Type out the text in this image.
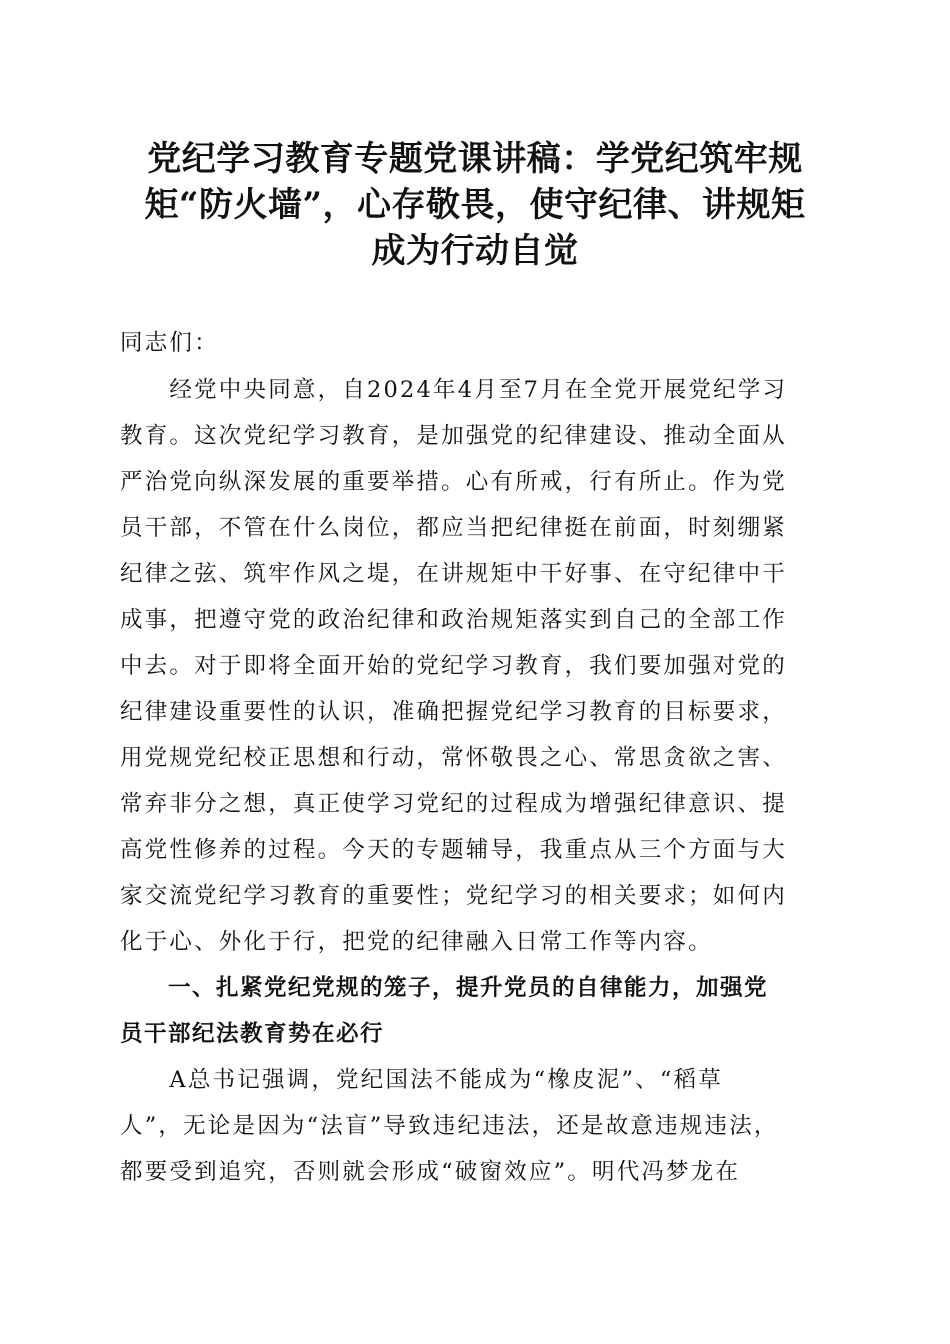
党纪学习教育专题党课讲稿：学党纪筑牢规
矩“防火墙”，心存敬畏，使守纪律、讲规矩
成为行动自觉
同志们：
　　经党中央同意，自2024年4月至7月在全党开展党纪学习
教育。这次党纪学习教育，是加强党的纪律建设、推动全面从
严治党向纵深发展的重要举措。心有所戒，行有所止。作为党
员干部，不管在什么岗位，都应当把纪律挺在前面，时刻绷紧
纪律之弦、筑牢作风之堤，在讲规矩中干好事、在守纪律中干
成事，把遵守党的政治纪律和政治规矩落实到自己的全部工作
中去。对于即将全面开始的党纪学习教育，我们要加强对党的
纪律建设重要性的认识，准确把握党纪学习教育的目标要求，
用党规党纪校正思想和行动，常怀敬畏之心、常思贪欲之害、
常弃非分之想，真正使学习党纪的过程成为增强纪律意识、提
高党性修养的过程。今天的专题辅导，我重点从三个方面与大
家交流党纪学习教育的重要性；党纪学习的相关要求；如何内
化于心、外化于行，把党的纪律融入日常工作等内容。
　　一、扎紧党纪党规的笼子，提升党员的自律能力，加强党
员干部纪法教育势在必行
　　A总书记强调，党纪国法不能成为“橡皮泥”、“稻草
人”，无论是因为“法盲”导致违纪违法，还是故意违规违法，
都要受到追究，否则就会形成“破窗效应”。明代冯梦龙在
